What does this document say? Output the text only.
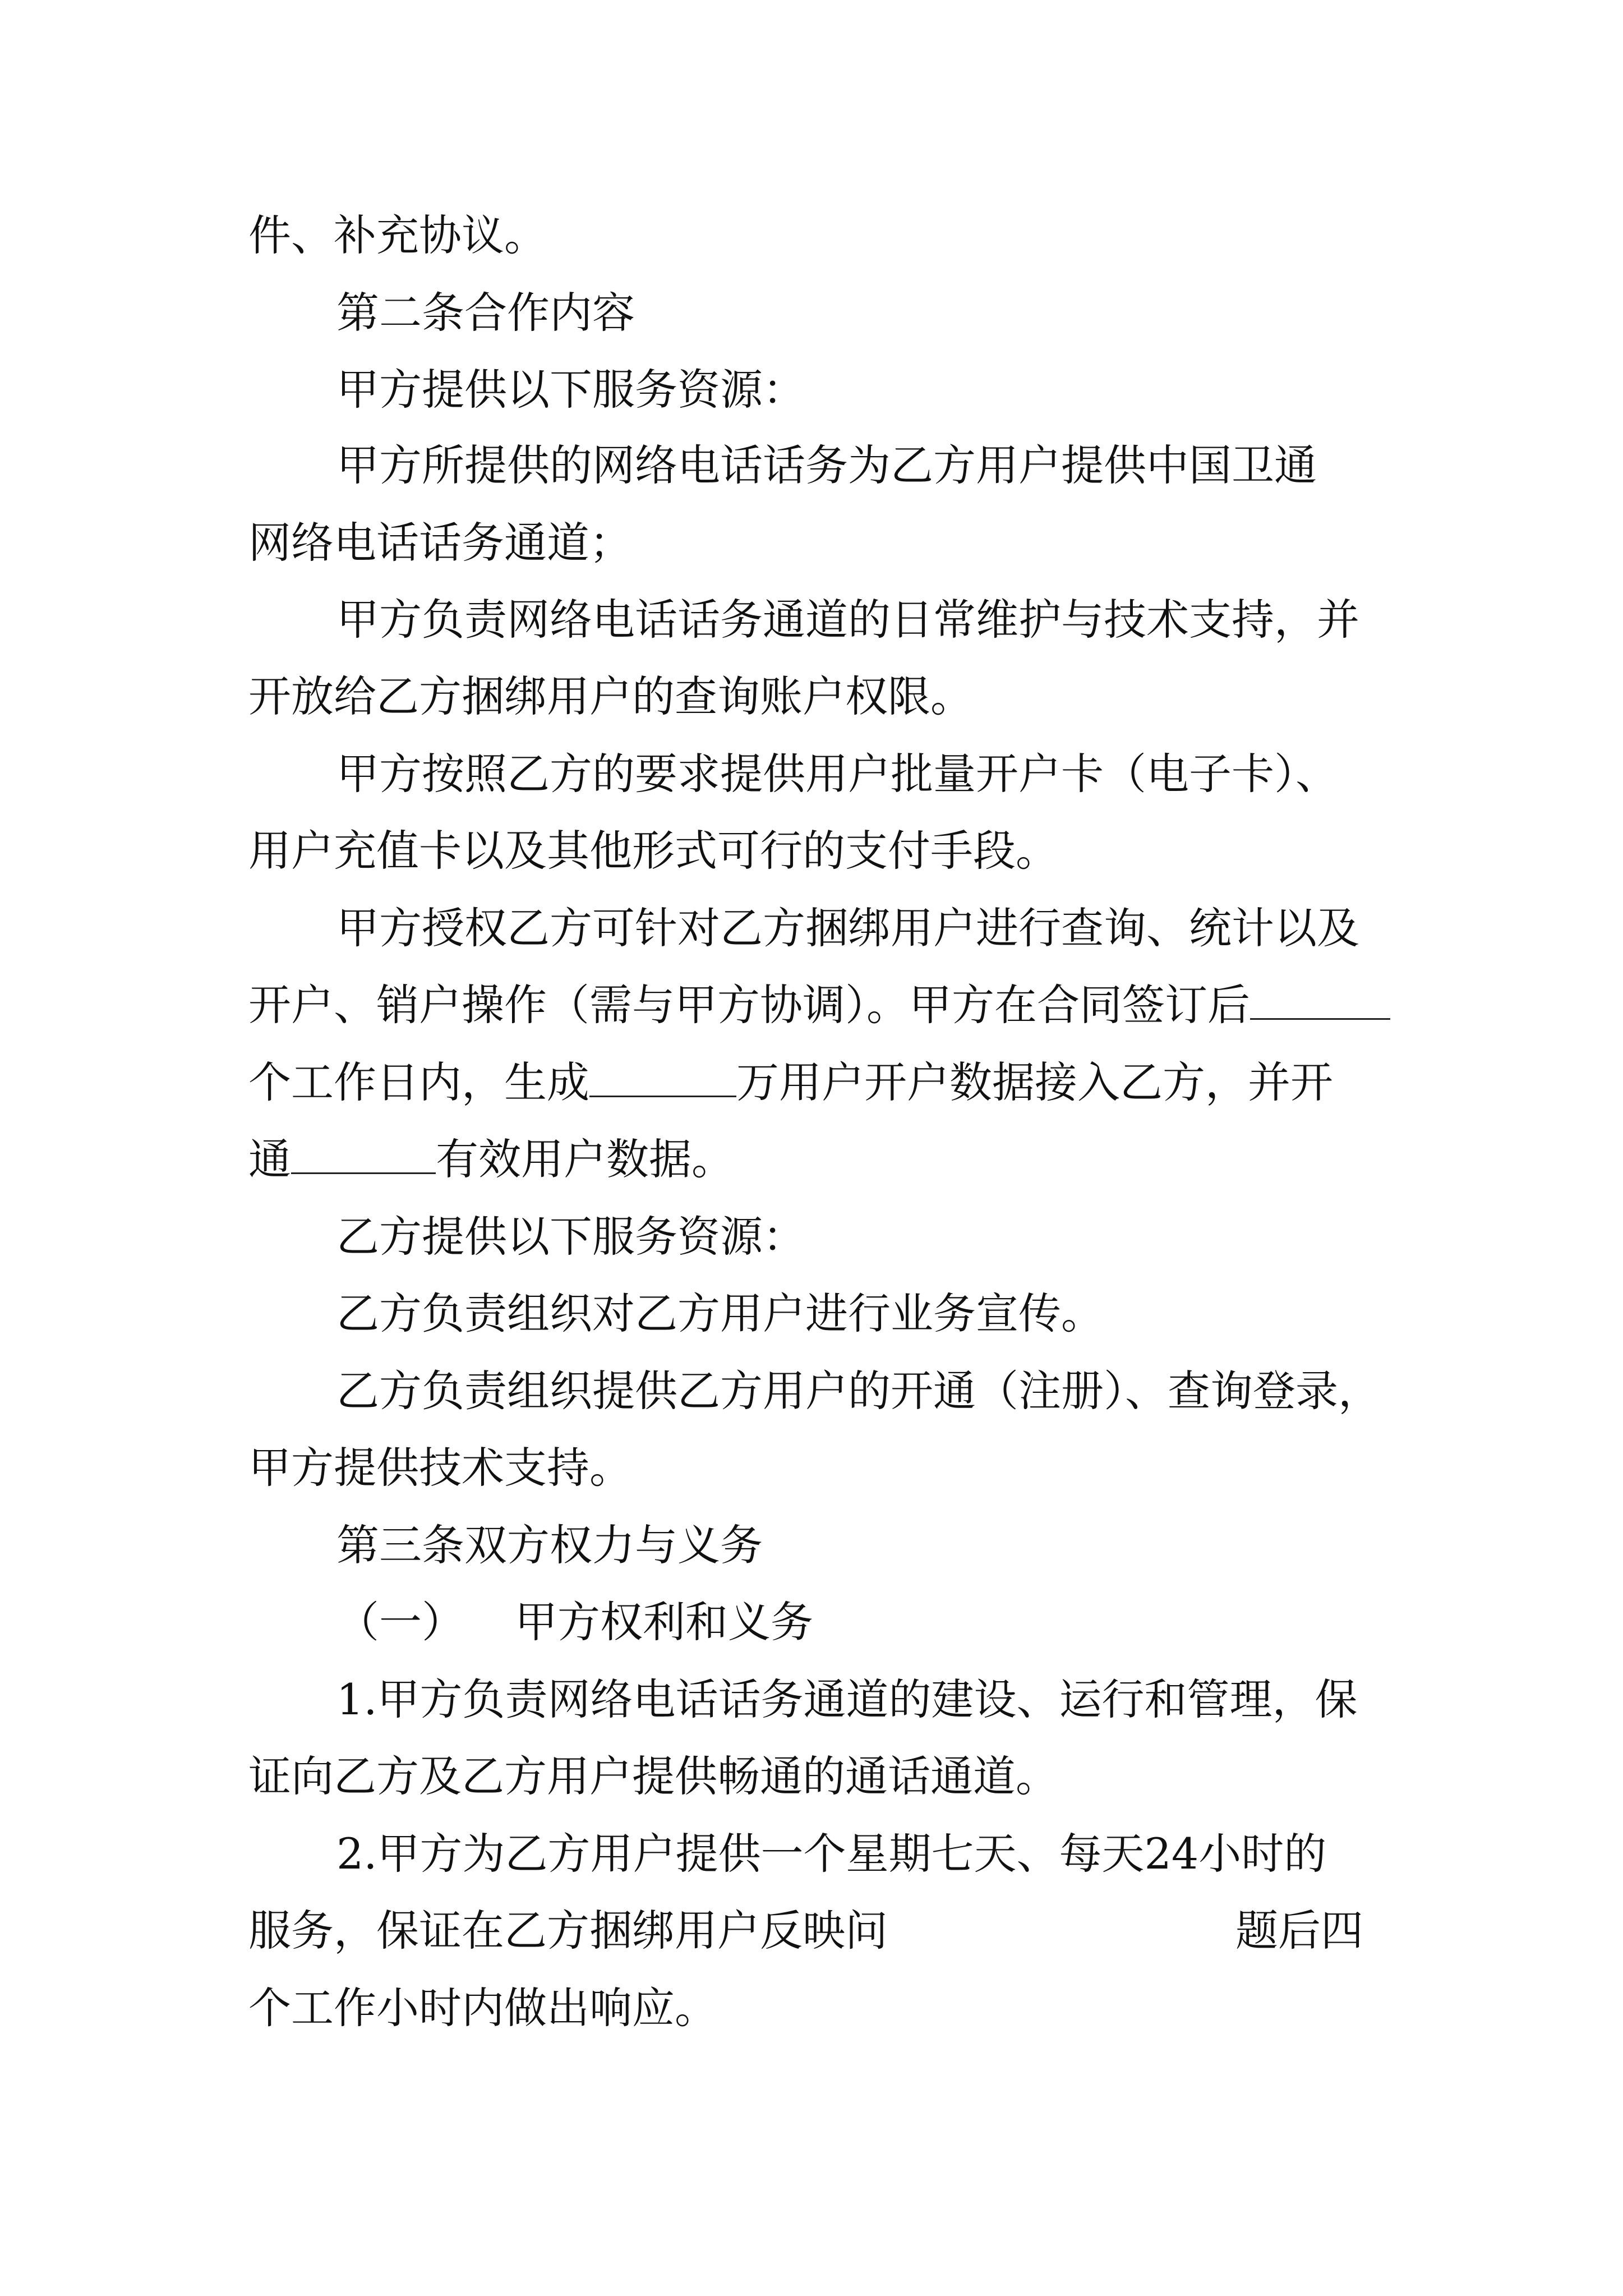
件、补充协议。

第二条合作内容

甲方提供以下服务资源：

甲方所提供的网络电话话务为乙方用户提供中国卫通

网络电话话务通道；

甲方负责网络电话话务通道的日常维护与技术支持，并

开放给乙方捆绑用户的查询账户权限。

甲方按照乙方的要求提供用户批量开户卡（电子卡）、

用户充值卡以及其他形式可行的支付手段。

甲方授权乙方可针对乙方捆绑用户进行查询、统计以及

开户、销户操作（需与甲方协调）。甲方在合同签订后
个工作日内，生成	万用户开户数据接入乙方，并开
通	有效用户数据。

乙方提供以下服务资源：

乙方负责组织对乙方用户进行业务宣传。

乙方负责组织提供乙方用户的开通（注册）、查询登录，

甲方提供技术支持。

第三条双方权力与义务

（一） 甲方权利和义务

1.甲方负责网络电话话务通道的建设、运行和管理，保

证向乙方及乙方用户提供畅通的通话通道。

2.甲方为乙方用户提供一个星期七天、每天24小时的

服务，保证在乙方捆绑用户反映问	题后四

个工作小时内做出响应。
